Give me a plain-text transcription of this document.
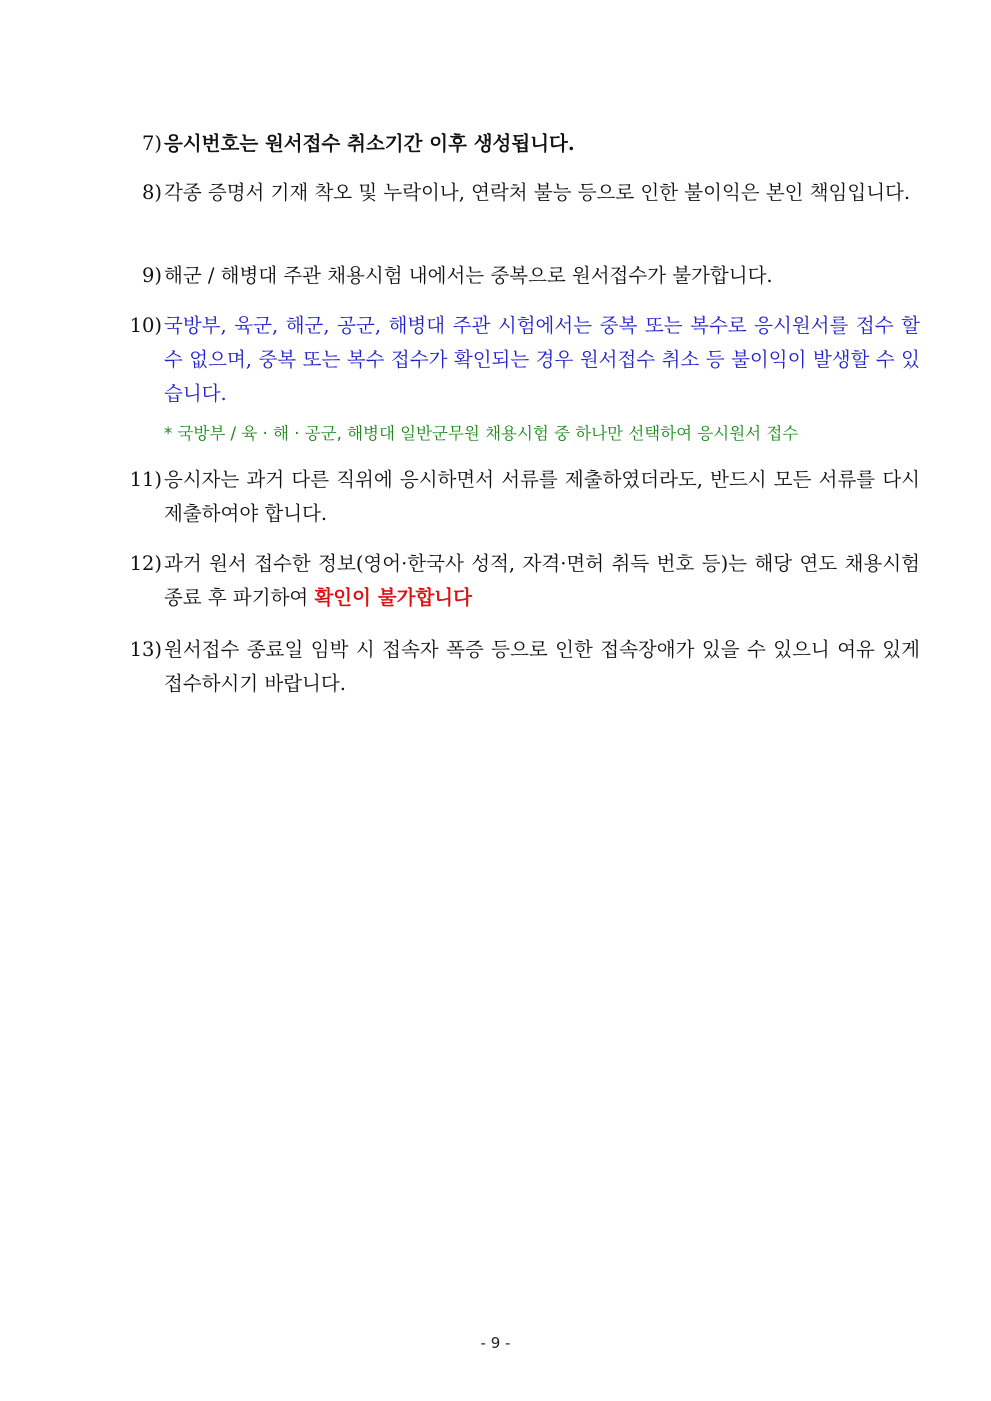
7) 응시번호는 원서접수 취소기간 이후 생성됩니다.
8) 각종 증명서 기재 착오 및 누락이나, 연락처 불능 등으로 인한 불이익은 본인 책임입니다.
9) 해군 / 해병대 주관 채용시험 내에서는 중복으로 원서접수가 불가합니다.
10) 국방부, 육군, 해군, 공군, 해병대 주관 시험에서는 중복 또는 복수로 응시원서를 접수 할 수 없으며, 중복 또는 복수 접수가 확인되는 경우 원서접수 취소 등 불이익이 발생할 수 있습니다.
* 국방부 / 육 · 해 · 공군, 해병대 일반군무원 채용시험 중 하나만 선택하여 응시원서 접수
11) 응시자는 과거 다른 직위에 응시하면서 서류를 제출하였더라도, 반드시 모든 서류를 다시 제출하여야 합니다.
12) 과거 원서 접수한 정보(영어·한국사 성적, 자격·면허 취득 번호 등)는 해당 연도 채용시험 종료 후 파기하여 확인이 불가합니다
13) 원서접수 종료일 임박 시 접속자 폭증 등으로 인한 접속장애가 있을 수 있으니 여유 있게 접수하시기 바랍니다.
- 9 -
